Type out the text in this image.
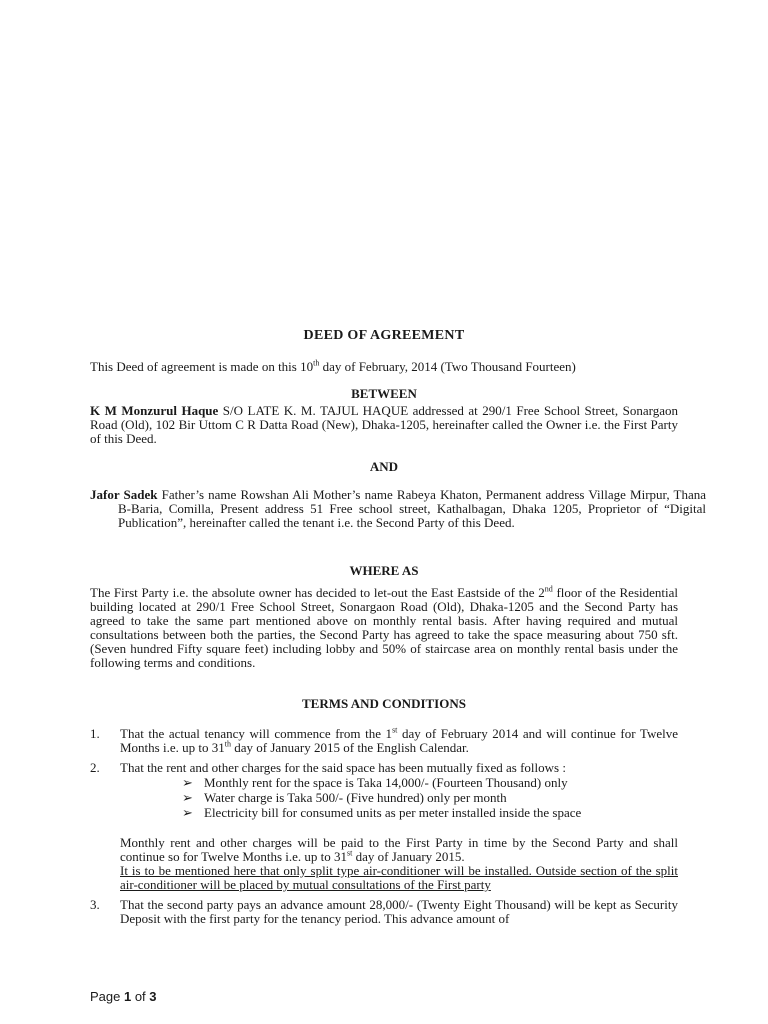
DEED OF AGREEMENT
This Deed of agreement is made on this 10th day of February, 2014 (Two Thousand Fourteen)
BETWEEN
K M Monzurul Haque S/O LATE K. M. TAJUL HAQUE addressed at 290/1 Free School Street, Sonargaon Road (Old), 102 Bir Uttom C R Datta Road (New), Dhaka-1205, hereinafter called the Owner i.e. the First Party of this Deed.
AND
Jafor Sadek Father’s name Rowshan Ali Mother’s name Rabeya Khaton, Permanent address Village Mirpur, Thana B-Baria, Comilla, Present address 51 Free school street, Kathalbagan, Dhaka 1205, Proprietor of “Digital Publication”, hereinafter called the tenant i.e. the Second Party of this Deed.
WHERE AS
The First Party i.e. the absolute owner has decided to let-out the East Eastside of the 2nd floor of the Residential building located at 290/1 Free School Street, Sonargaon Road (Old), Dhaka-1205 and the Second Party has agreed to take the same part mentioned above on monthly rental basis. After having required and mutual consultations between both the parties, the Second Party has agreed to take the space measuring about 750 sft. (Seven hundred Fifty square feet) including lobby and 50% of staircase area on monthly rental basis under the following terms and conditions.
TERMS AND CONDITIONS
1.	That the actual tenancy will commence from the 1st day of February 2014 and will continue for Twelve Months i.e. up to 31th day of January 2015 of the English Calendar.
2.	That the rent and other charges for the said space has been mutually fixed as follows :
➢ Monthly rent for the space is Taka 14,000/- (Fourteen Thousand) only
➢ Water charge is Taka 500/- (Five hundred) only per month
➢ Electricity bill for consumed units as per meter installed inside the space
Monthly rent and other charges will be paid to the First Party in time by the Second Party and shall continue so for Twelve Months i.e. up to 31st day of January 2015.
It is to be mentioned here that only split type air-conditioner will be installed. Outside section of the split air-conditioner will be placed by mutual consultations of the First party
3.	That the second party pays an advance amount 28,000/- (Twenty Eight Thousand) will be kept as Security Deposit with the first party for the tenancy period. This advance amount of
Page 1 of 3
